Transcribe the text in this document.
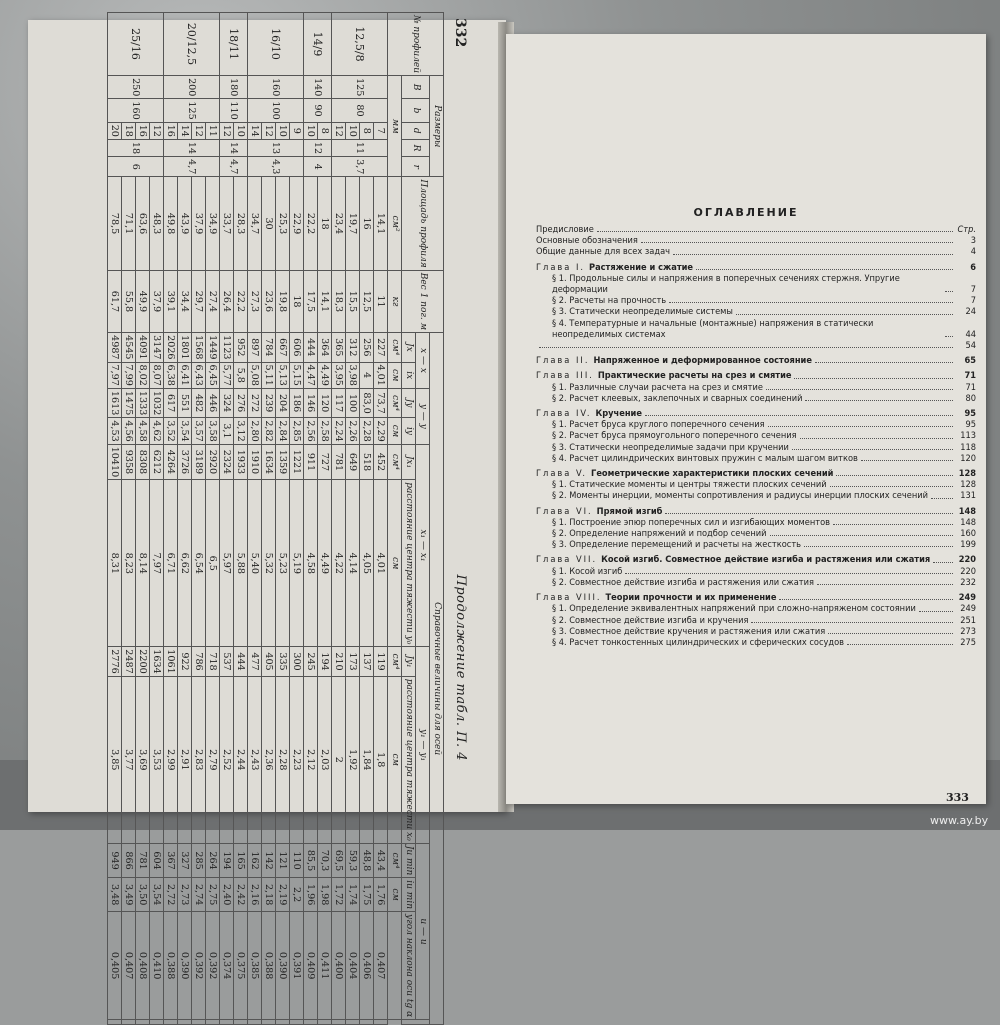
332
Продолжение табл. П. 4
№ профилей	Размеры					Площадь профиля	Вес 1 пог. м	Справочные величины для осей											
	B	b	d	R	r			x — x		y — y		x₁ — x₁		y₁ — y₁		u — u			
								Jx	ix	Jy	iy	Jx₁	расстояние центра тяжести y₀	Jy₁	расстояние центра тяжести x₀	Ju min	iu min	угол наклона оси tg α	
	мм					см²	кг	см⁴	см	см⁴	см	см⁴	см	см⁴	см	см⁴	см		
12,5/8	125	80	7	11	3,7	14,1	11	227	4,01	73,7	2,29	452	4,01	119	1,8	43,4	1,76	0,407	
			8			16	12,5	256	4	83,0	2,28	518	4,05	137	1,84	48,8	1,75	0,406	
			10			19,7	15,5	312	3,98	100	2,26	649	4,14	173	1,92	59,3	1,74	0,404	
			12			23,4	18,3	365	3,95	117	2,24	781	4,22	210	2	69,5	1,72	0,400	
14/9	140	90	8	12	4	18	14,1	364	4,49	120	2,58	727	4,49	194	2,03	70,3	1,98	0,411	
			10			22,2	17,5	444	4,47	146	2,56	911	4,58	245	2,12	85,5	1,96	0,409	
16/10	160	100	9	13	4,3	22,9	18	606	5,15	186	2,85	1221	5,19	300	2,23	110	2,2	0,391	
			10			25,3	19,8	667	5,13	204	2,84	1359	5,23	335	2,28	121	2,19	0,390	
			12			30	23,6	784	5,11	239	2,82	1634	5,32	405	2,36	142	2,18	0,388	
			14			34,7	27,3	897	5,08	272	2,80	1910	5,40	477	2,43	162	2,16	0,385	
18/11	180	110	10	14	4,7	28,3	22,2	952	5,8	276	3,12	1933	5,88	444	2,44	165	2,42	0,375	
			12			33,7	26,4	1123	5,77	324	3,1	2324	5,97	537	2,52	194	2,40	0,374	
20/12,5	200	125	11	14	4,7	34,9	27,4	1449	6,45	446	3,58	2920	6,5	718	2,79	264	2,75	0,392	
			12			37,9	29,7	1568	6,43	482	3,57	3189	6,54	786	2,83	285	2,74	0,392	
			14			43,9	34,4	1801	6,41	551	3,54	3726	6,62	922	2,91	327	2,73	0,390	
			16			49,8	39,1	2026	6,38	617	3,52	4264	6,71	1061	2,99	367	2,72	0,388	
25/16	250	160	12	18	6	48,3	37,9	3147	8,07	1032	4,62	6212	7,97	1634	3,53	604	3,54	0,410	
			16			63,6	49,9	4091	8,02	1333	4,58	8308	8,14	2200	3,69	781	3,50	0,408	
			18			71,1	55,8	4545	7,99	1475	4,56	9358	8,23	2487	3,77	866	3,49	0,407	
			20			78,5	61,7	4987	7,97	1613	4,53	10410	8,31	2776	3,85	949	3,48	0,405	
ОГЛАВЛЕНИЕ
Предисловие	Стр.
Основные обозначения	3
Общие данные для всех задач	4
Глава I. Растяжение и сжатие	6
§ 1. Продольные силы и напряжения в поперечных сечениях стержня. Упругие деформации	7
§ 2. Расчеты на прочность	7
§ 3. Статически неопределимые системы	24
§ 4. Температурные и начальные (монтажные) напряжения в статически неопределимых системах	44
54
Глава II. Напряженное и деформированное состояние	65
Глава III. Практические расчеты на срез и смятие	71
§ 1. Различные случаи расчета на срез и смятие	71
§ 2. Расчет клеевых, заклепочных и сварных соединений	80
Глава IV. Кручение	95
§ 1. Расчет бруса круглого поперечного сечения	95
§ 2. Расчет бруса прямоугольного поперечного сечения	113
§ 3. Статически неопределимые задачи при кручении	118
§ 4. Расчет цилиндрических винтовых пружин с малым шагом витков	120
Глава V. Геометрические характеристики плоских сечений	128
§ 1. Статические моменты и центры тяжести плоских сечений	128
§ 2. Моменты инерции, моменты сопротивления и радиусы инерции плоских сечений	131
Глава VI. Прямой изгиб	148
§ 1. Построение эпюр поперечных сил и изгибающих моментов	148
§ 2. Определение напряжений и подбор сечений	160
§ 3. Определение перемещений и расчеты на жесткость	199
Глава VII. Косой изгиб. Совместное действие изгиба и растяжения или сжатия	220
§ 1. Косой изгиб	220
§ 2. Совместное действие изгиба и растяжения или сжатия	232
Глава VIII. Теории прочности и их применение	249
§ 1. Определение эквивалентных напряжений при сложно-напряженом состоянии	249
§ 2. Совместное действие изгиба и кручения	251
§ 3. Совместное действие кручения и растяжения или сжатия	273
§ 4. Расчет тонкостенных цилиндрических и сферических сосудов	275
333
www.ay.by
